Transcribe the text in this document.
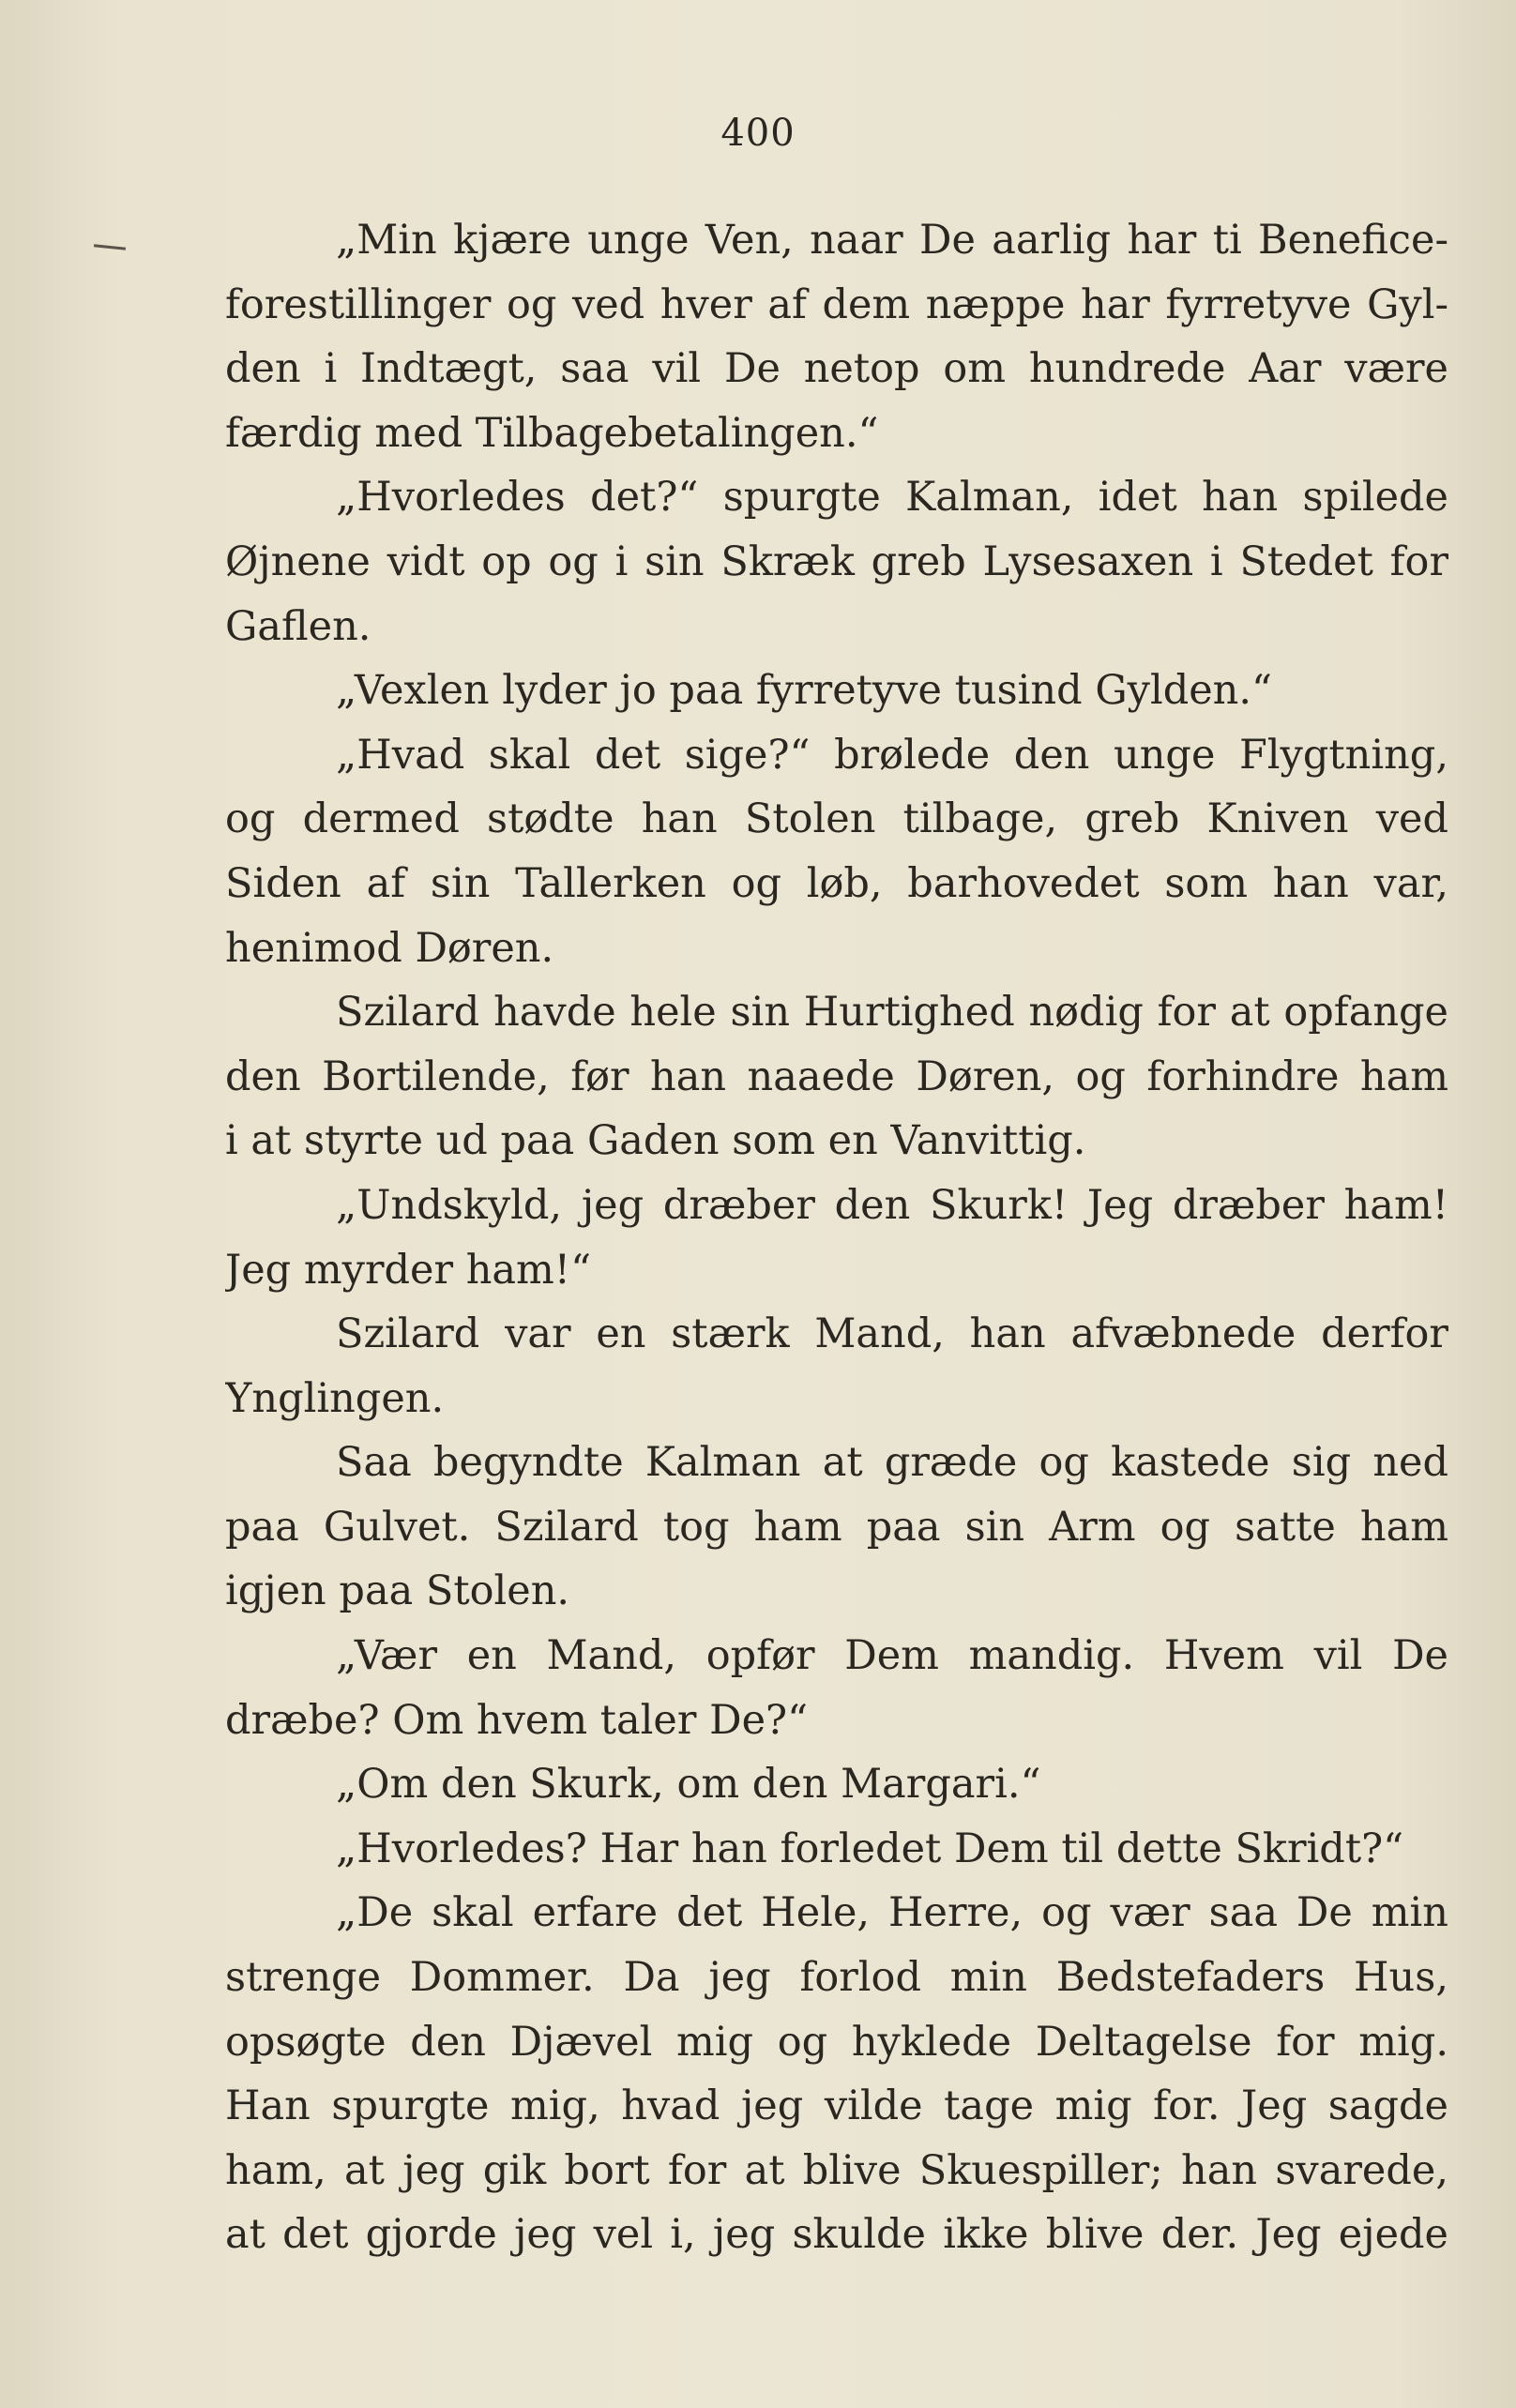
400
„Min kjære unge Ven, naar De aarlig har ti Benefice-
forestillinger og ved hver af dem næppe har fyrretyve Gyl-
den i Indtægt, saa vil De netop om hundrede Aar være
færdig med Tilbagebetalingen.“
„Hvorledes det?“ spurgte Kalman, idet han spilede
Øjnene vidt op og i sin Skræk greb Lysesaxen i Stedet for
Gaflen.
„Vexlen lyder jo paa fyrretyve tusind Gylden.“
„Hvad skal det sige?“ brølede den unge Flygtning,
og dermed stødte han Stolen tilbage, greb Kniven ved
Siden af sin Tallerken og løb, barhovedet som han var,
henimod Døren.
Szilard havde hele sin Hurtighed nødig for at opfange
den Bortilende, før han naaede Døren, og forhindre ham
i at styrte ud paa Gaden som en Vanvittig.
„Undskyld, jeg dræber den Skurk! Jeg dræber ham!
Jeg myrder ham!“
Szilard var en stærk Mand, han afvæbnede derfor
Ynglingen.
Saa begyndte Kalman at græde og kastede sig ned
paa Gulvet. Szilard tog ham paa sin Arm og satte ham
igjen paa Stolen.
„Vær en Mand, opfør Dem mandig. Hvem vil De
dræbe? Om hvem taler De?“
„Om den Skurk, om den Margari.“
„Hvorledes? Har han forledet Dem til dette Skridt?“
„De skal erfare det Hele, Herre, og vær saa De min
strenge Dommer. Da jeg forlod min Bedstefaders Hus,
opsøgte den Djævel mig og hyklede Deltagelse for mig.
Han spurgte mig, hvad jeg vilde tage mig for. Jeg sagde
ham, at jeg gik bort for at blive Skuespiller; han svarede,
at det gjorde jeg vel i, jeg skulde ikke blive der. Jeg ejede
